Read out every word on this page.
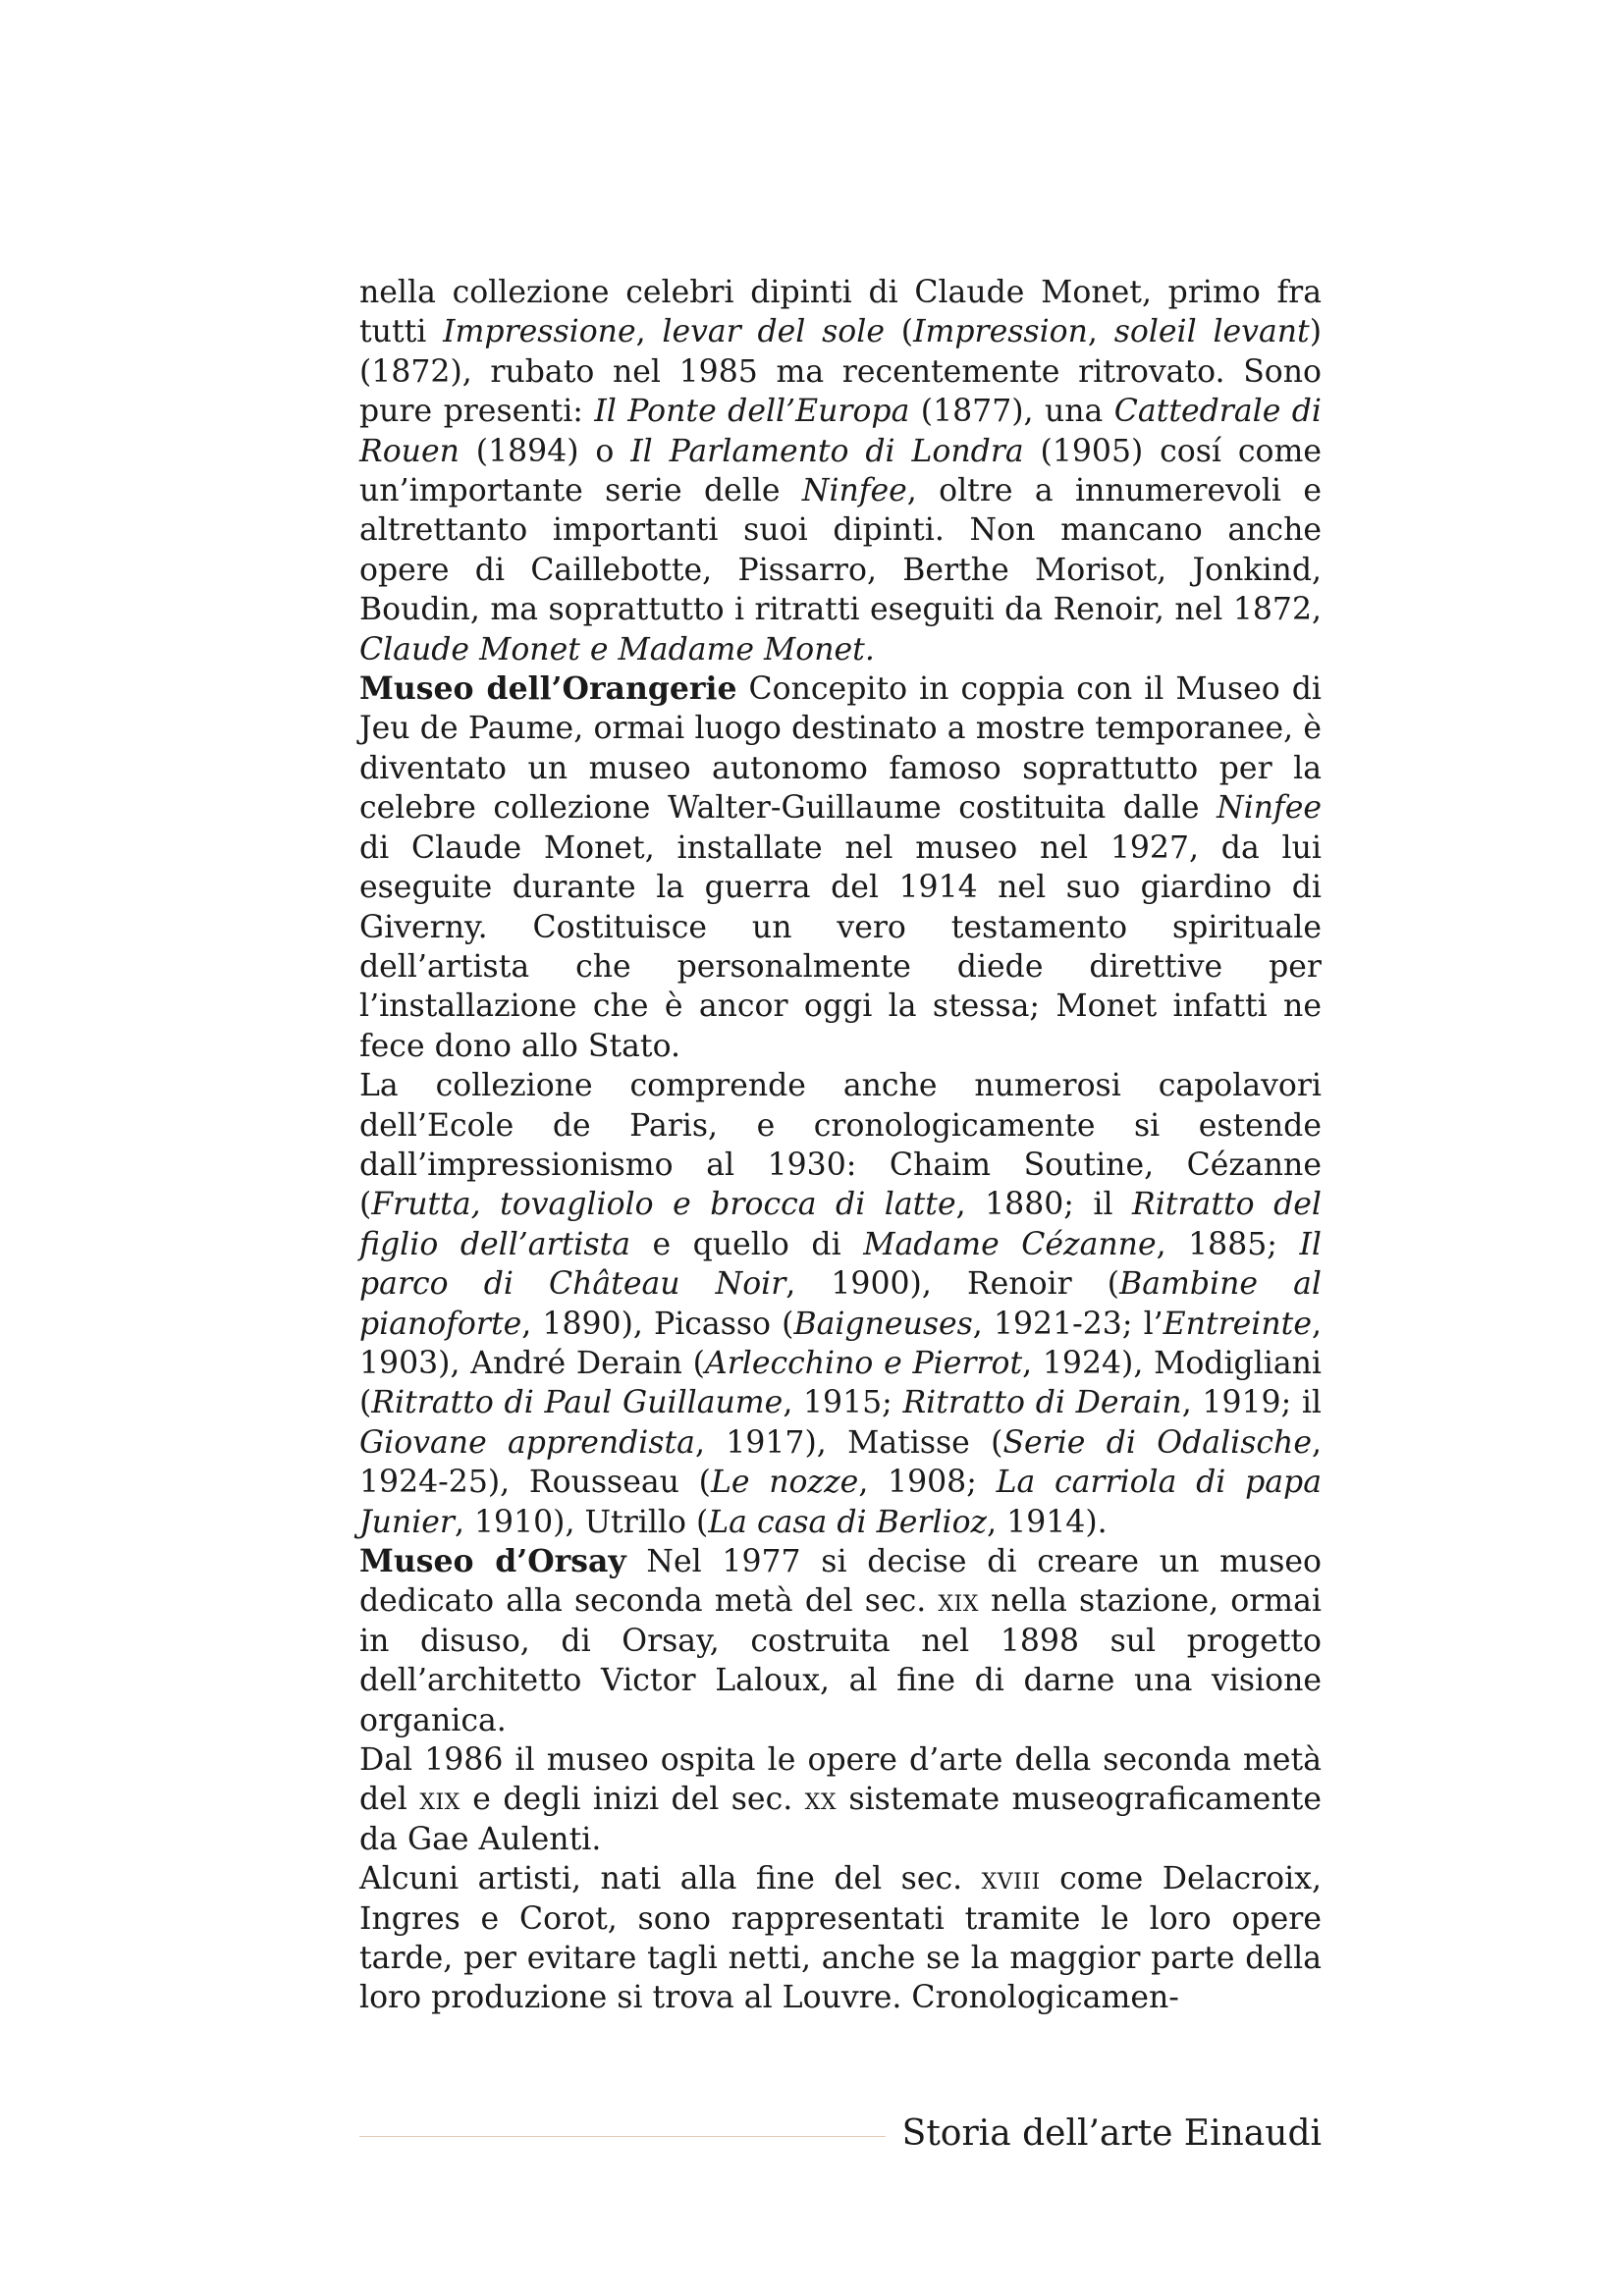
nella collezione celebri dipinti di Claude Monet, primo fra tutti Impressione, levar del sole (Impression, soleil levant) (1872), rubato nel 1985 ma recentemente ritrovato. Sono pure presenti: Il Ponte dell’Europa (1877), una Cattedrale di Rouen (1894) o Il Parlamento di Londra (1905) cosí come un’importante serie delle Ninfee, oltre a innumerevoli e altrettanto importanti suoi dipinti. Non mancano anche opere di Caillebotte, Pissarro, Berthe Morisot, Jonkind, Boudin, ma soprattutto i ritratti eseguiti da Renoir, nel 1872, Claude Monet e Madame Monet.

Museo dell’Orangerie Concepito in coppia con il Museo di Jeu de Paume, ormai luogo destinato a mostre temporanee, è diventato un museo autonomo famoso soprattutto per la celebre collezione Walter-Guillaume costituita dalle Ninfee di Claude Monet, installate nel museo nel 1927, da lui eseguite durante la guerra del 1914 nel suo giardino di Giverny. Costituisce un vero testamento spirituale dell’artista che personalmente diede direttive per l’installazione che è ancor oggi la stessa; Monet infatti ne fece dono allo Stato.

La collezione comprende anche numerosi capolavori dell’Ecole de Paris, e cronologicamente si estende dall’impressionismo al 1930: Chaim Soutine, Cézanne (Frutta, tovagliolo e brocca di latte, 1880; il Ritratto del figlio dell’artista e quello di Madame Cézanne, 1885; Il parco di Château Noir, 1900), Renoir (Bambine al pianoforte, 1890), Picasso (Baigneuses, 1921-23; l’Entreinte, 1903), André Derain (Arlecchino e Pierrot, 1924), Modigliani (Ritratto di Paul Guillaume, 1915; Ritratto di Derain, 1919; il Giovane apprendista, 1917), Matisse (Serie di Odalische, 1924-25), Rousseau (Le nozze, 1908; La carriola di papa Junier, 1910), Utrillo (La casa di Berlioz, 1914).

Museo d’Orsay Nel 1977 si decise di creare un museo dedicato alla seconda metà del sec. xix nella stazione, ormai in disuso, di Orsay, costruita nel 1898 sul progetto dell’architetto Victor Laloux, al fine di darne una visione organica.

Dal 1986 il museo ospita le opere d’arte della seconda metà del xix e degli inizi del sec. xx sistemate museograficamente da Gae Aulenti.

Alcuni artisti, nati alla fine del sec. xviii come Delacroix, Ingres e Corot, sono rappresentati tramite le loro opere tarde, per evitare tagli netti, anche se la maggior parte della loro produzione si trova al Louvre. Cronologicamen-

Storia dell’arte Einaudi
